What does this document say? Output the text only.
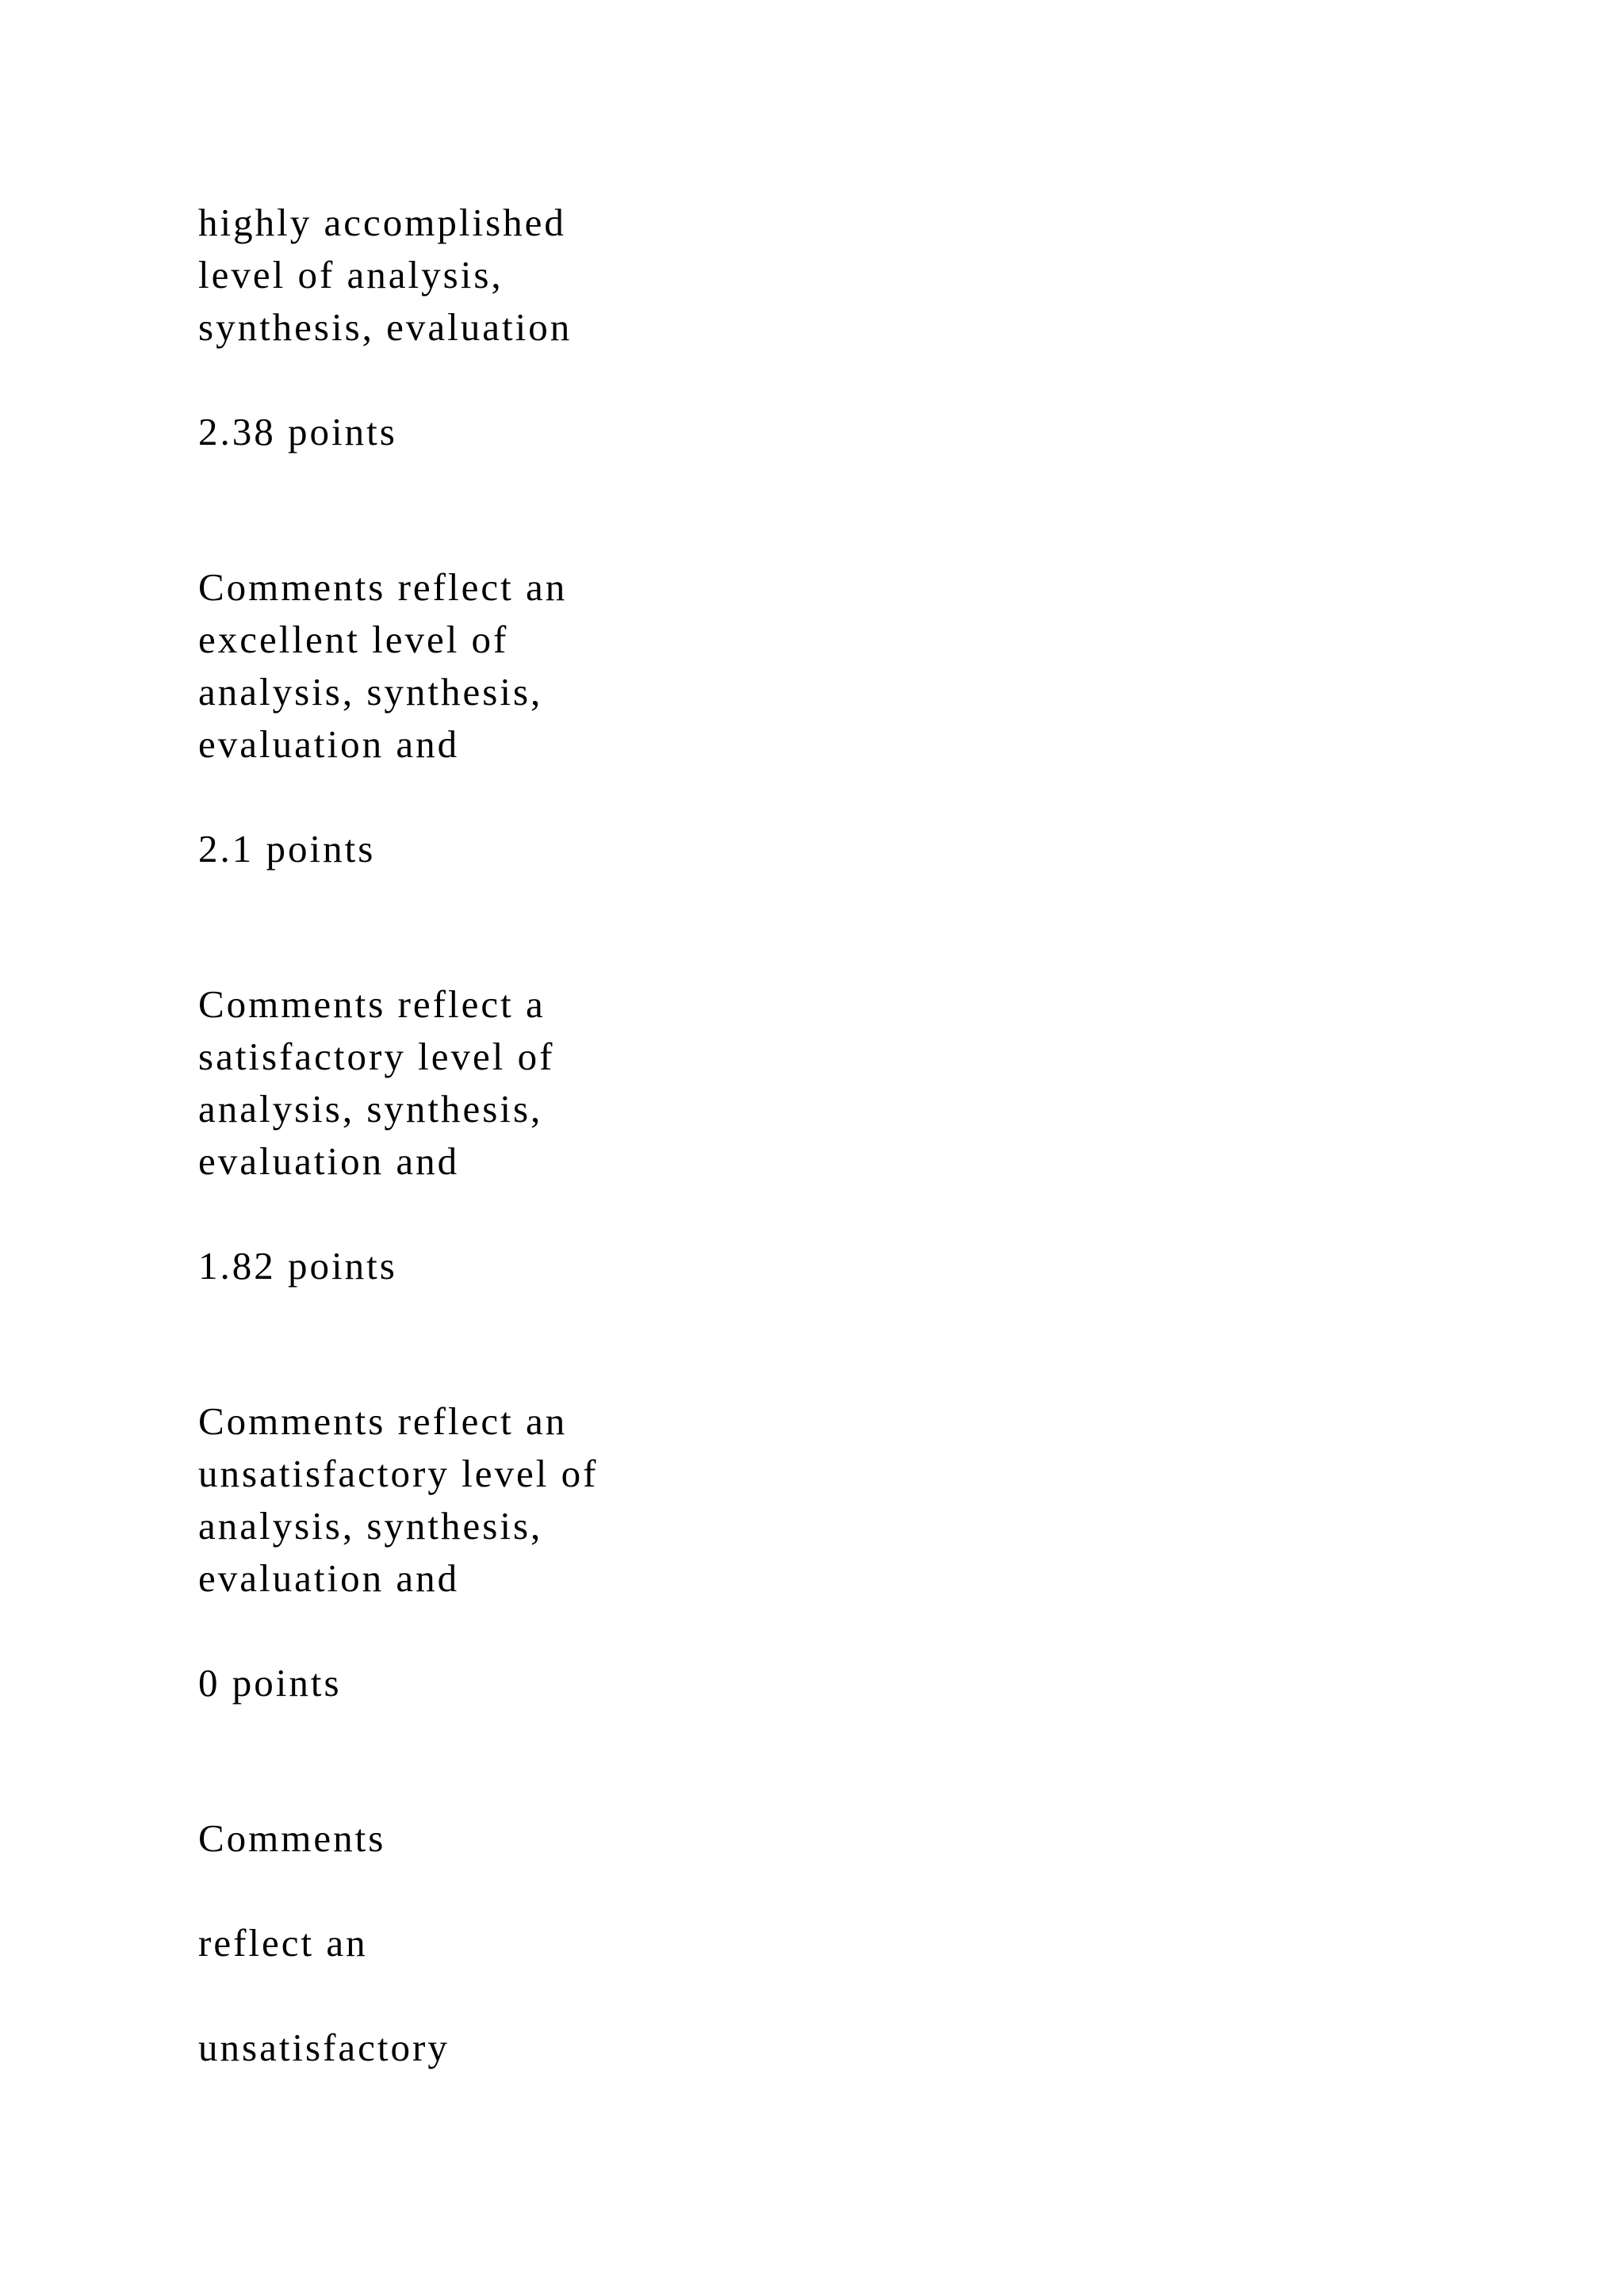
highly accomplished
level of analysis,
synthesis, evaluation
2.38 points
Comments reflect an
excellent level of
analysis, synthesis,
evaluation and
2.1 points
Comments reflect a
satisfactory level of
analysis, synthesis,
evaluation and
1.82 points
Comments reflect an
unsatisfactory level of
analysis, synthesis,
evaluation and
0 points
Comments
reflect an
unsatisfactory
